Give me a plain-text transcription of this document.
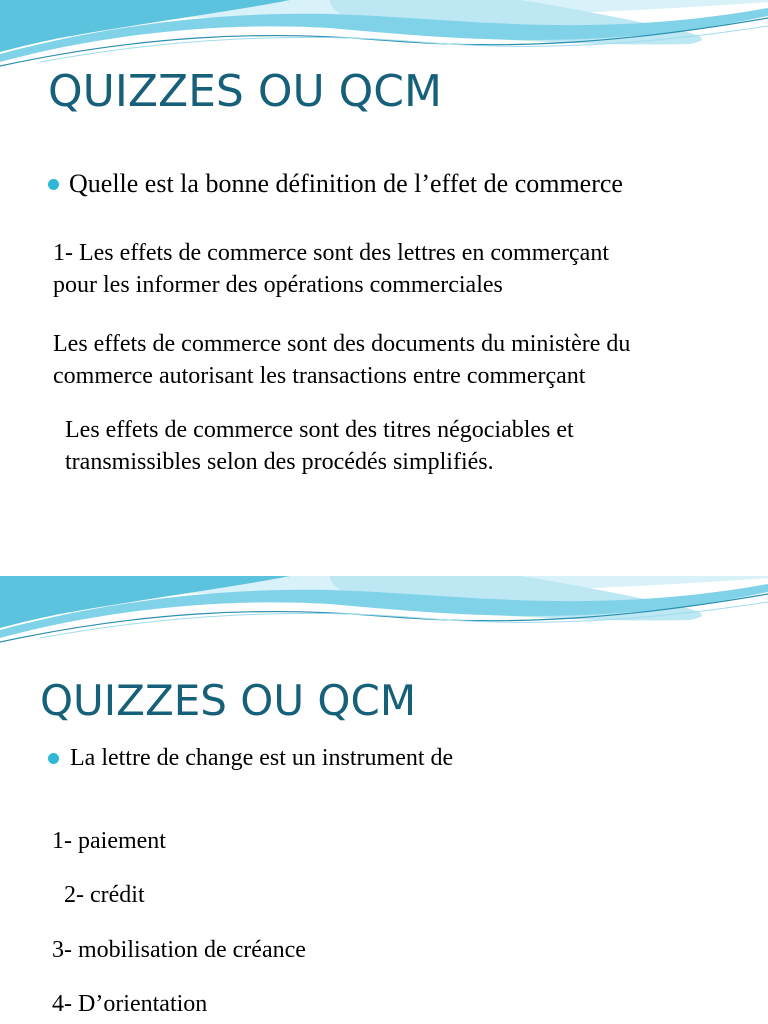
QUIZZES OU QCM
Quelle est la bonne définition de l’effet de commerce

1- Les effets de commerce sont des lettres en commerçant
pour les informer des opérations commerciales

Les effets de commerce sont des documents du ministère du
commerce autorisant les transactions entre commerçant

Les effets de commerce sont des titres négociables et
transmissibles selon des procédés simplifiés.

QUIZZES OU QCM
La lettre de change est un instrument de

1- paiement

2- crédit

3- mobilisation de créance

4- D’orientation
